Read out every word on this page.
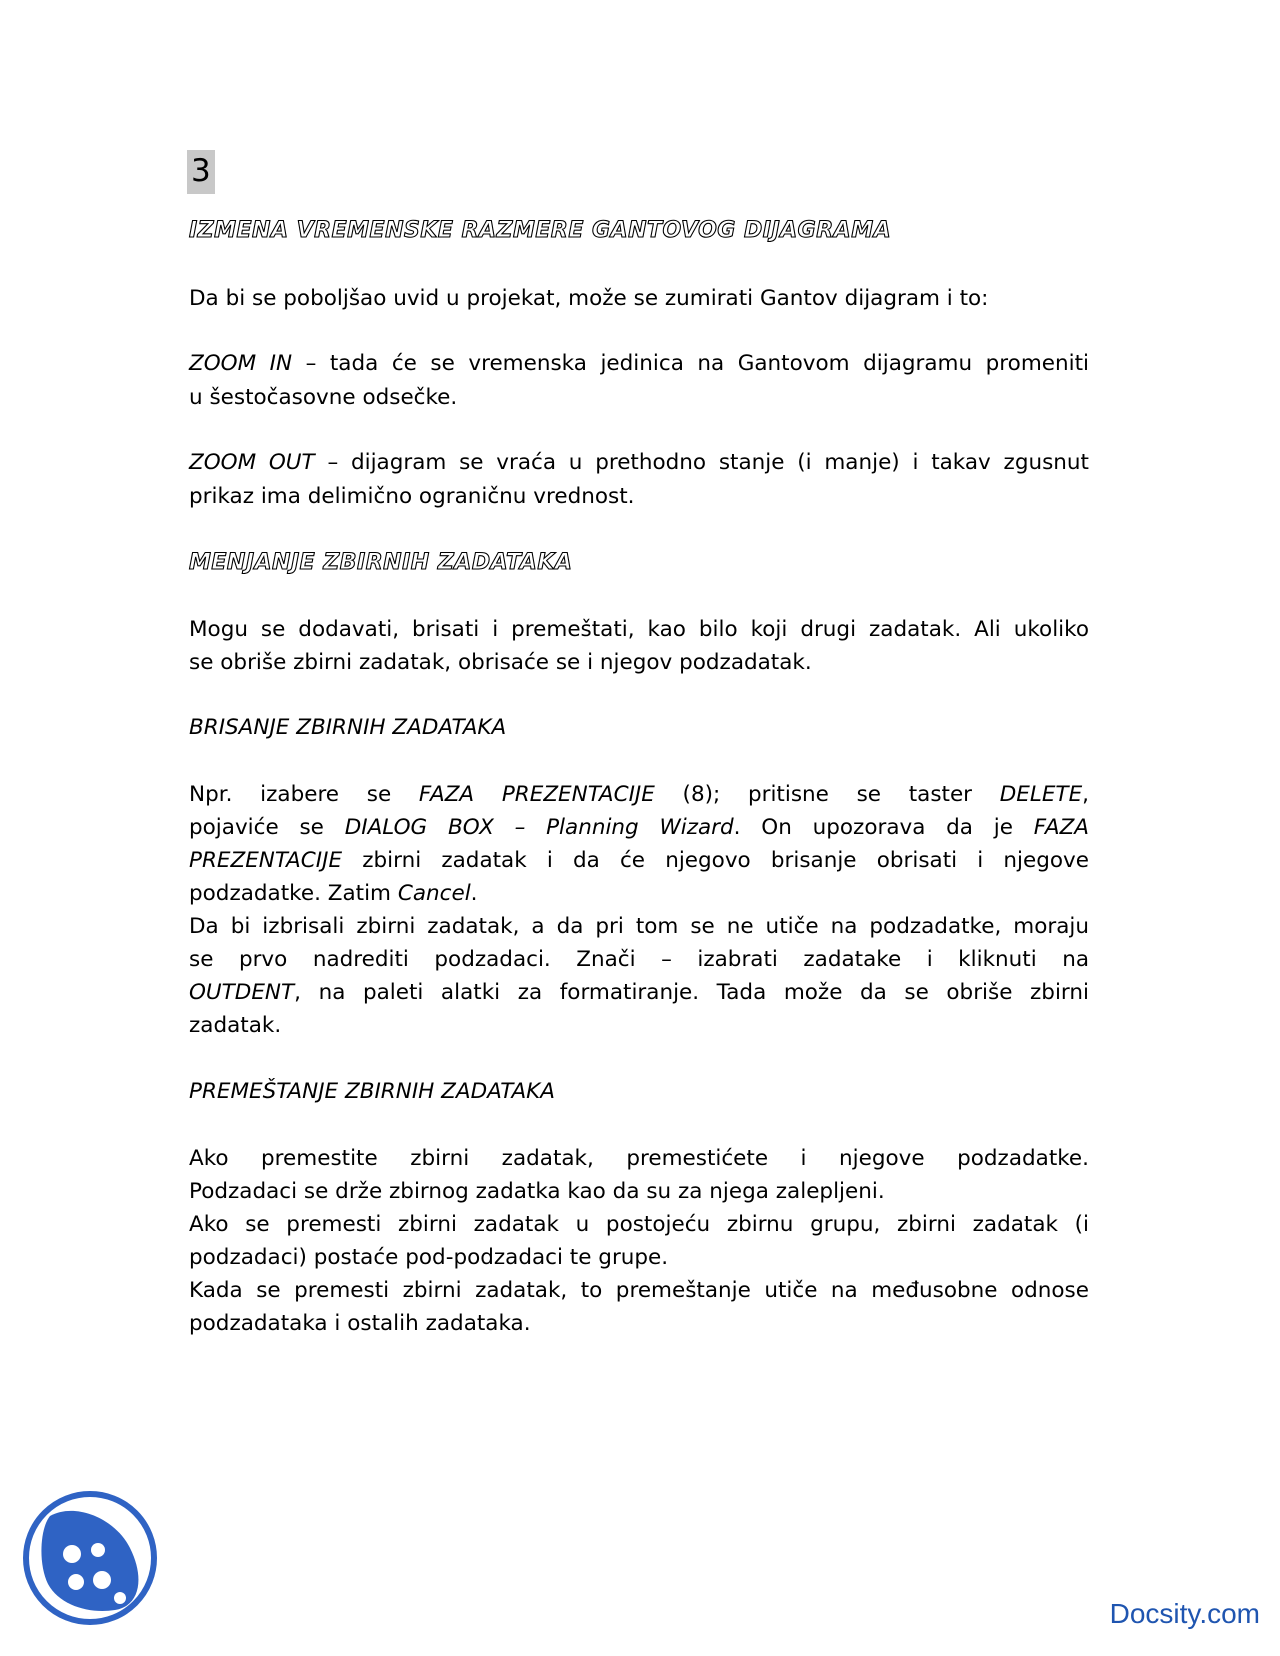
3

IZMENA VREMENSKE RAZMERE GANTOVOG DIJAGRAMA

Da bi se poboljšao uvid u projekat, može se zumirati Gantov dijagram i to:

ZOOM IN – tada će se vremenska jedinica na Gantovom dijagramu promeniti

u šestočasovne odsečke.

ZOOM OUT – dijagram se vraća u prethodno stanje (i manje) i takav zgusnut

prikaz ima delimično ograničnu vrednost.

MENJANJE ZBIRNIH ZADATAKA

Mogu se dodavati, brisati i premeštati, kao bilo koji drugi zadatak. Ali ukoliko

se obriše zbirni zadatak, obrisaće se i njegov podzadatak.

BRISANJE ZBIRNIH ZADATAKA

Npr. izabere se FAZA PREZENTACIJE (8); pritisne se taster DELETE,

pojaviće se DIALOG BOX – Planning Wizard. On upozorava da je FAZA

PREZENTACIJE zbirni zadatak i da će njegovo brisanje obrisati i njegove

podzadatke. Zatim Cancel.

Da bi izbrisali zbirni zadatak, a da pri tom se ne utiče na podzadatke, moraju

se prvo nadrediti podzadaci. Znači – izabrati zadatake i kliknuti na

OUTDENT, na paleti alatki za formatiranje. Tada može da se obriše zbirni

zadatak.

PREMEŠTANJE ZBIRNIH ZADATAKA

Ako premestite zbirni zadatak, premestićete i njegove podzadatke.

Podzadaci se drže zbirnog zadatka kao da su za njega zalepljeni.

Ako se premesti zbirni zadatak u postojeću zbirnu grupu, zbirni zadatak (i

podzadaci) postaće pod-podzadaci te grupe.

Kada se premesti zbirni zadatak, to premeštanje utiče na međusobne odnose

podzadataka i ostalih zadataka.

Docsity.com
